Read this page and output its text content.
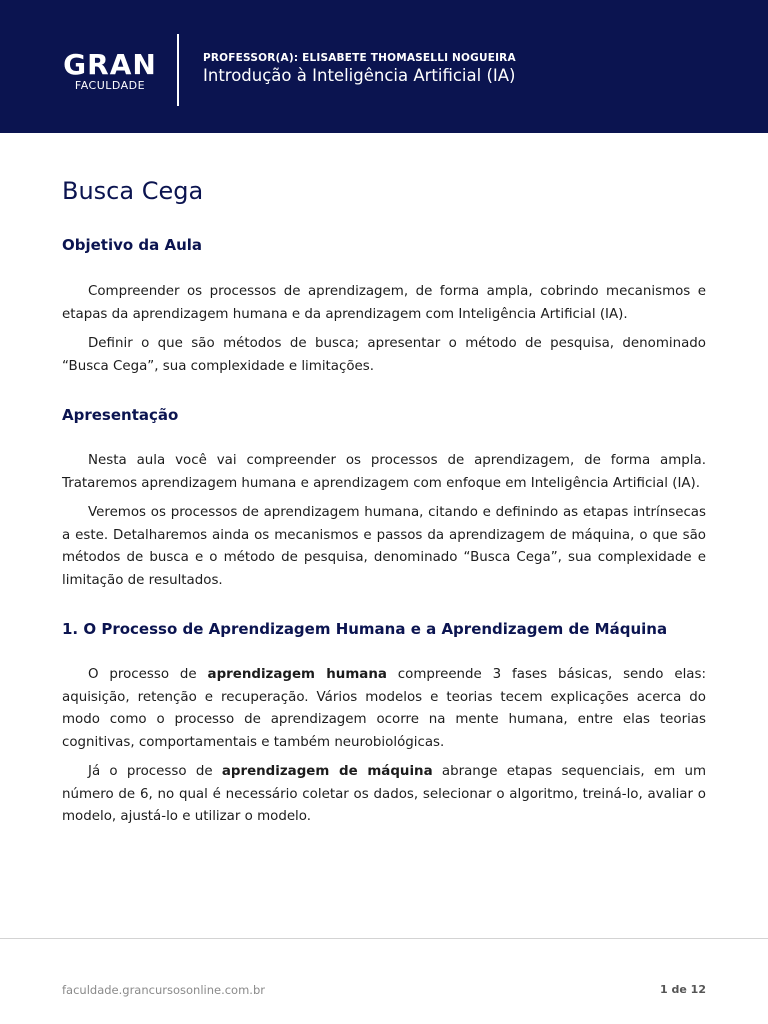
GRAN
FACULDADE
PROFESSOR(A): ELISABETE THOMASELLI NOGUEIRA
Introdução à Inteligência Artificial (IA)
Busca Cega
Objetivo da Aula

Compreender os processos de aprendizagem, de forma ampla, cobrindo mecanismos e etapas da aprendizagem humana e da aprendizagem com Inteligência Artificial (IA).

Definir o que são métodos de busca; apresentar o método de pesquisa, denominado “Busca Cega”, sua complexidade e limitações.

Apresentação

Nesta aula você vai compreender os processos de aprendizagem, de forma ampla. Trataremos aprendizagem humana e aprendizagem com enfoque em Inteligência Artificial (IA).

Veremos os processos de aprendizagem humana, citando e definindo as etapas intrínsecas a este. Detalharemos ainda os mecanismos e passos da aprendizagem de máquina, o que são métodos de busca e o método de pesquisa, denominado “Busca Cega”, sua complexidade e limitação de resultados.

1. O Processo de Aprendizagem Humana e a Aprendizagem de Máquina

O processo de aprendizagem humana compreende 3 fases básicas, sendo elas: aquisição, retenção e recuperação. Vários modelos e teorias tecem explicações acerca do modo como o processo de aprendizagem ocorre na mente humana, entre elas teorias cognitivas, comportamentais e também neurobiológicas.

Já o processo de aprendizagem de máquina abrange etapas sequenciais, em um número de 6, no qual é necessário coletar os dados, selecionar o algoritmo, treiná-lo, avaliar o modelo, ajustá-lo e utilizar o modelo.

faculdade.grancursosonline.com.br	1 de 12
